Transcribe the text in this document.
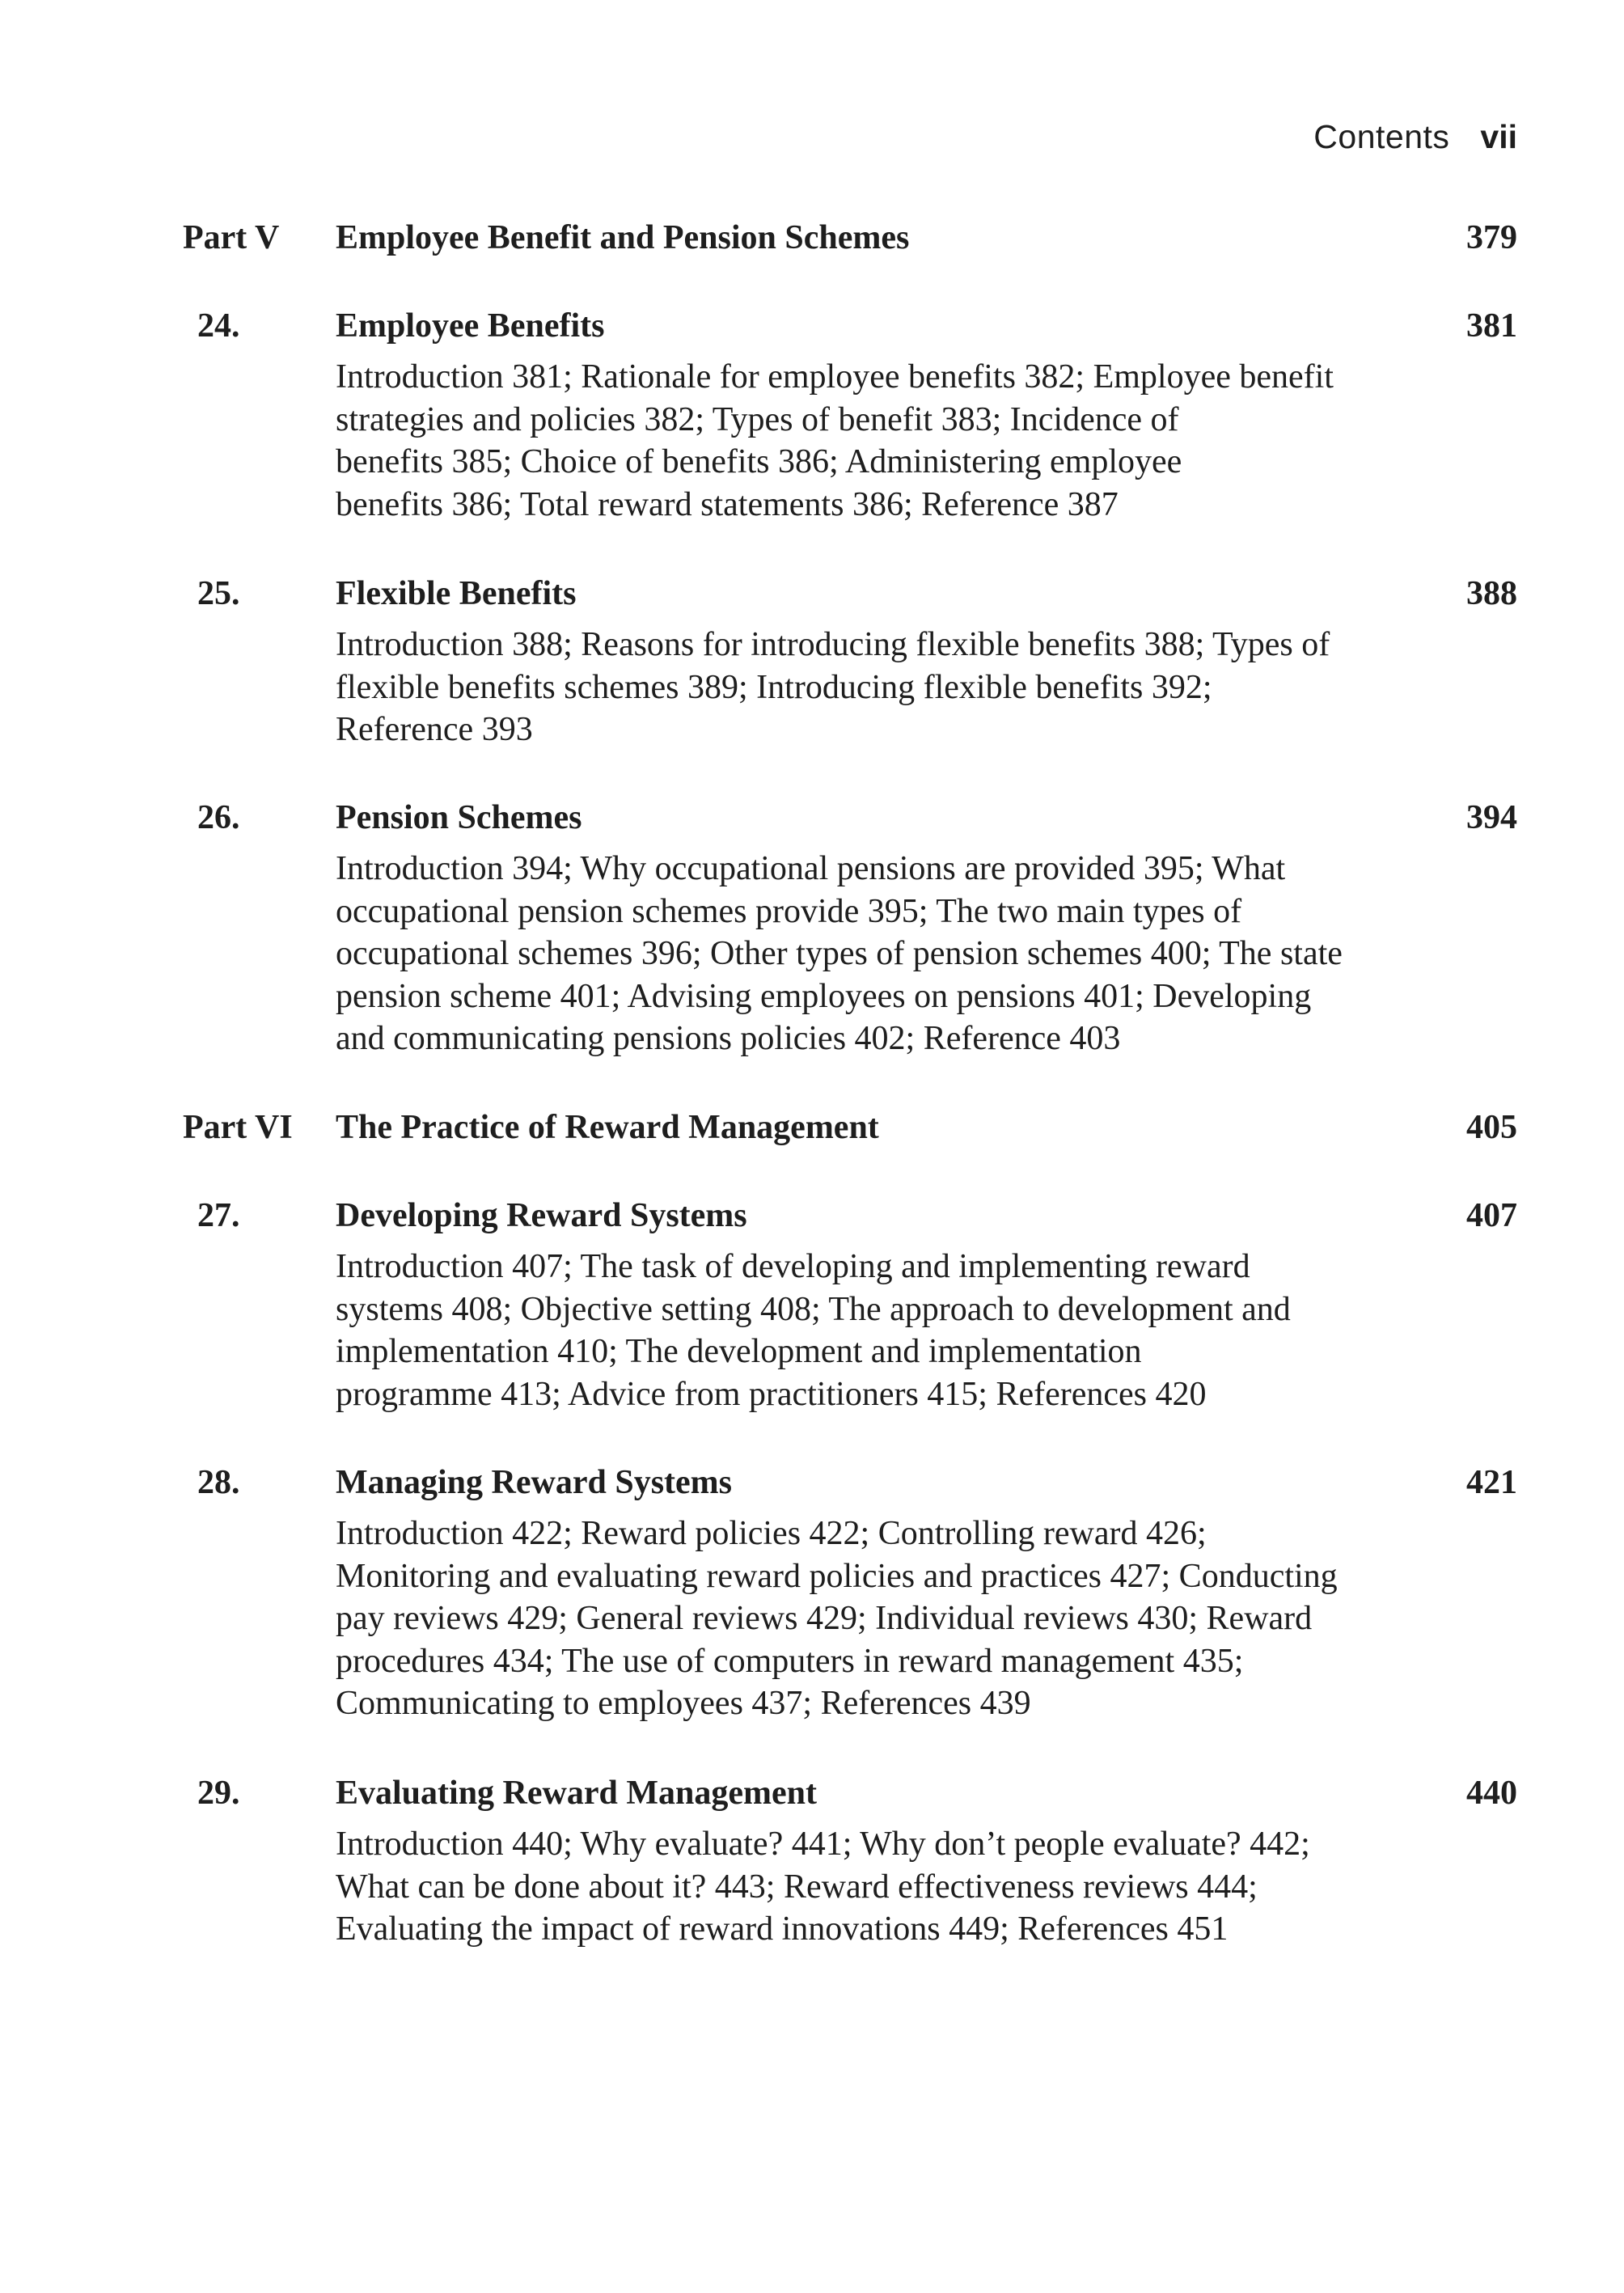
Contents vii
Part V Employee Benefit and Pension Schemes	379
24.	Employee Benefits	381
Introduction 381; Rationale for employee benefits 382; Employee benefit
strategies and policies 382; Types of benefit 383; Incidence of
benefits 385; Choice of benefits 386; Administering employee
benefits 386; Total reward statements 386; Reference 387
25.	Flexible Benefits	388
Introduction 388; Reasons for introducing flexible benefits 388; Types of
flexible benefits schemes 389; Introducing flexible benefits 392;
Reference 393
26.	Pension Schemes	394
Introduction 394; Why occupational pensions are provided 395; What
occupational pension schemes provide 395; The two main types of
occupational schemes 396; Other types of pension schemes 400; The state
pension scheme 401; Advising employees on pensions 401; Developing
and communicating pensions policies 402; Reference 403
Part VI The Practice of Reward Management	405
27.	Developing Reward Systems	407
Introduction 407; The task of developing and implementing reward
systems 408; Objective setting 408; The approach to development and
implementation 410; The development and implementation
programme 413; Advice from practitioners 415; References 420
28.	Managing Reward Systems	421
Introduction 422; Reward policies 422; Controlling reward 426;
Monitoring and evaluating reward policies and practices 427; Conducting
pay reviews 429; General reviews 429; Individual reviews 430; Reward
procedures 434; The use of computers in reward management 435;
Communicating to employees 437; References 439
29.	Evaluating Reward Management	440
Introduction 440; Why evaluate? 441; Why don’t people evaluate? 442;
What can be done about it? 443; Reward effectiveness reviews 444;
Evaluating the impact of reward innovations 449; References 451
